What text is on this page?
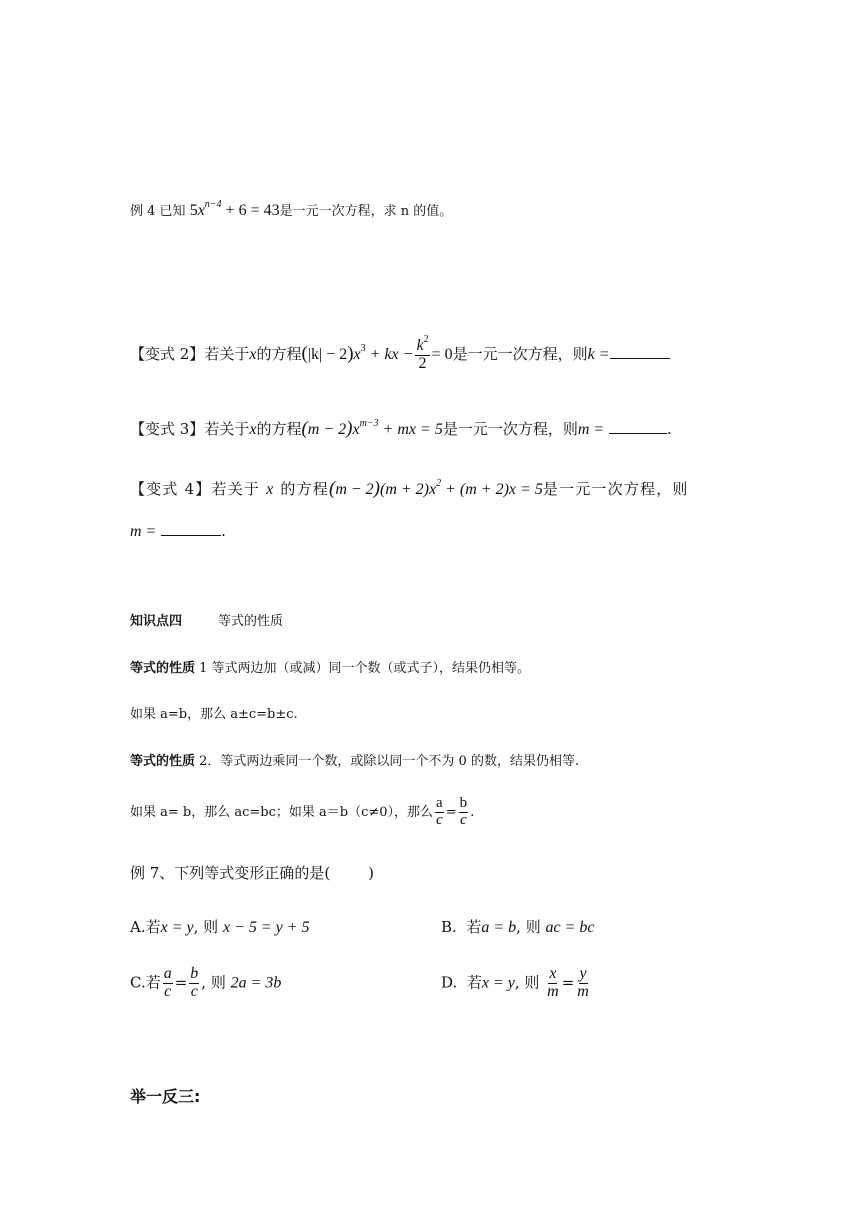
例 4 已知 $5x^{n-4} + 6 = 43$是一元一次方程，求 n 的值。
【变式 2】若关于x的方程$(|k| - 2)x^3$ + kx − $\frac{k^2}{2} = 0$是一元一次方程，则k =
【变式 3】若关于x的方程$(m - 2)x^{m-3}$ + mx = 5是一元一次方程，则m =	.
【变式 4】若关于 x 的方程$(m - 2)(m + 2)x^2 + (m + 2)x = 5$是一元一次方程，则
m =	.
知识点四	等式的性质
等式的性质 1 等式两边加（或减）同一个数（或式子），结果仍相等。
如果 a=b，那么 a±c=b±c.
等式的性质 2．等式两边乘同一个数，或除以同一个不为 0 的数，结果仍相等.
如果 a= b，那么 ac=bc；如果 a＝b（c≠0），那么 $\frac{a}{c} = \frac{b}{c}$ .
例 7、下列等式变形正确的是(	)
A.若x = y, 则 x − 5 = y + 5	B. 若a = b, 则 ac = bc
C.若 $\frac{a}{c} = \frac{b}{c}$ , 则 2a = 3b	D. 若x = y, 则 $\frac{x}{m} = \frac{y}{m}$
举一反三:
